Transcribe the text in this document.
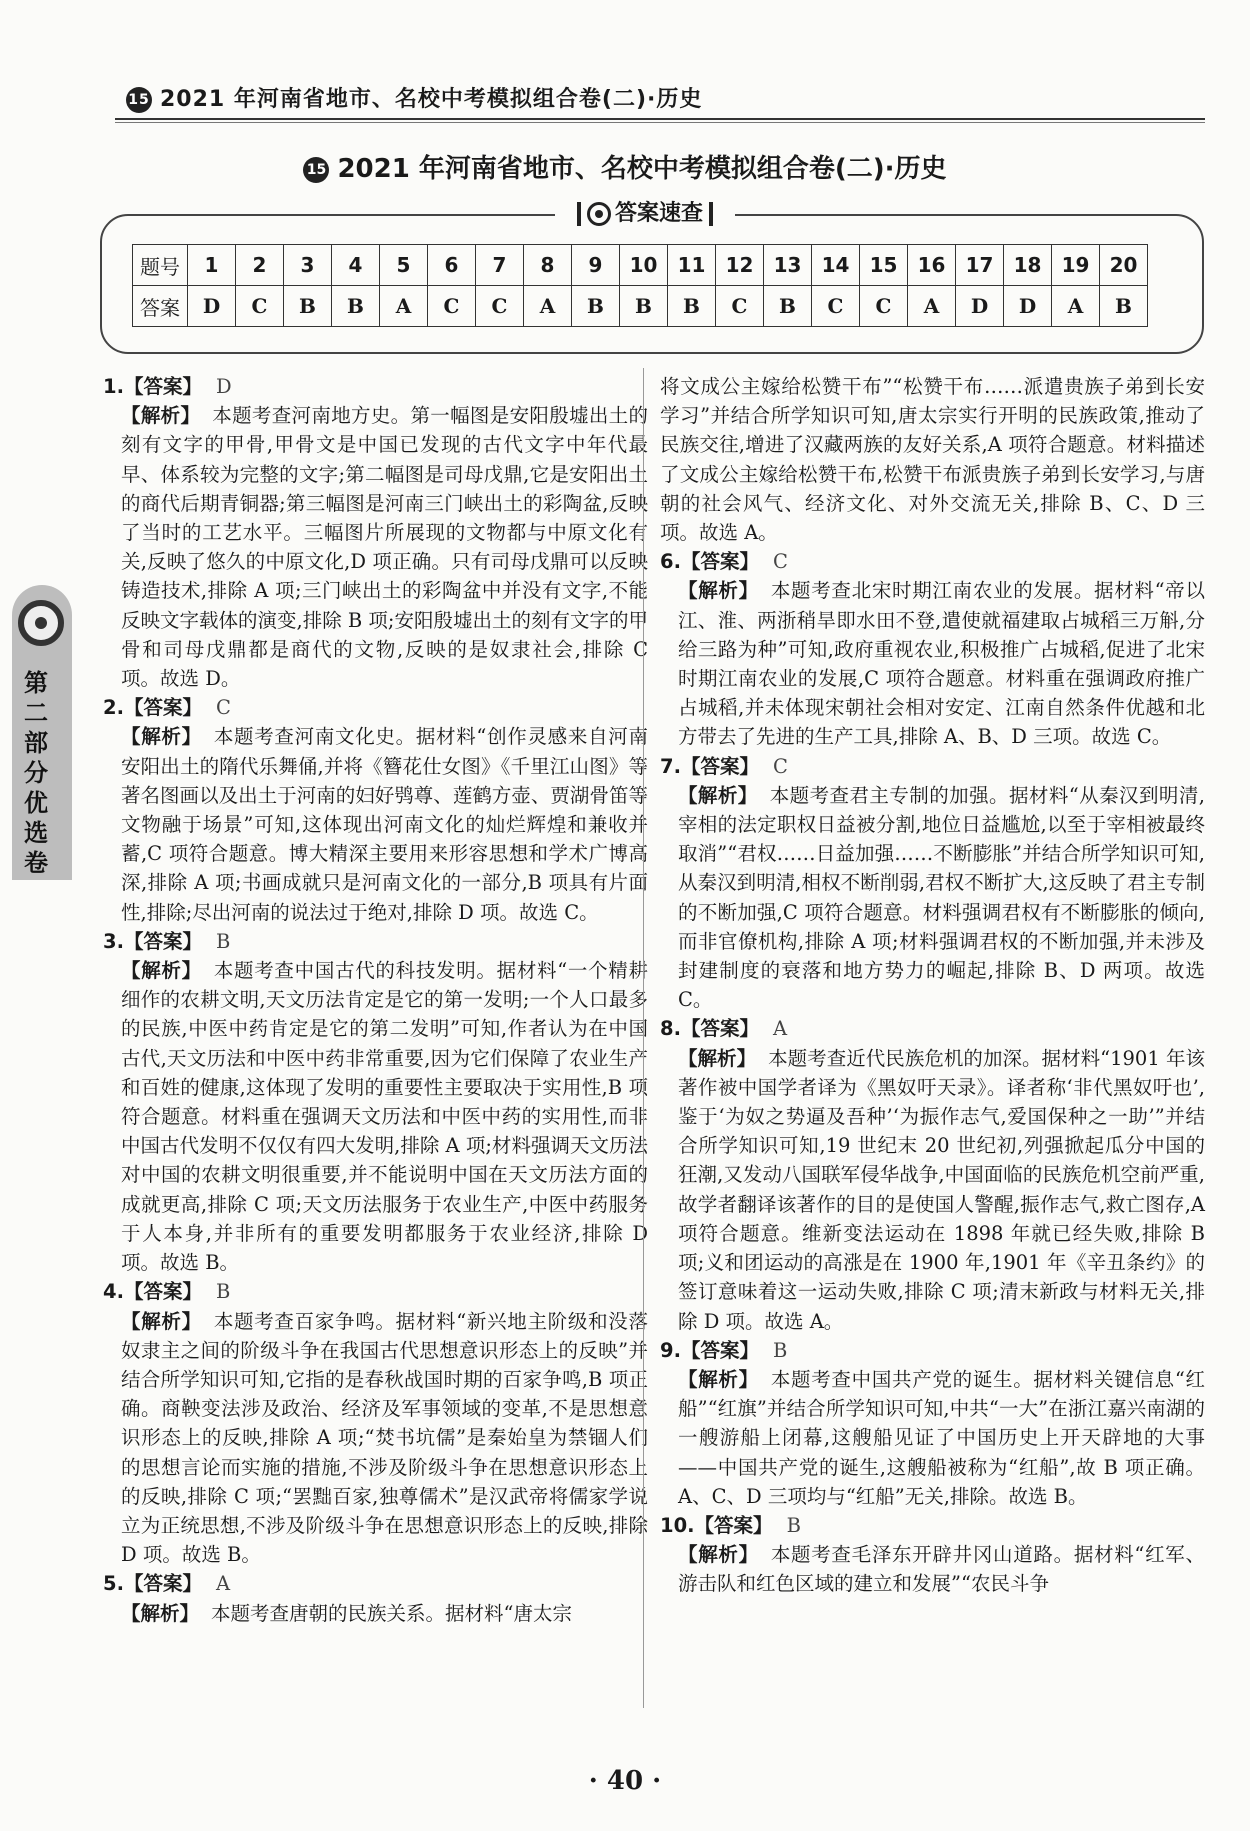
15 2021 年河南省地市、名校中考模拟组合卷(二)·历史
15 2021 年河南省地市、名校中考模拟组合卷(二)·历史
答案速查
题号	1	2	3	4	5	6	7	8	9	10	11	12	13	14	15	16	17	18	19	20
答案	D	C	B	B	A	C	C	A	B	B	B	C	B	C	C	A	D	D	A	B
第二部分 优选卷
1.【答案】 D

【解析】 本题考查河南地方史。第一幅图是安阳殷墟出土的刻有文字的甲骨,甲骨文是中国已发现的古代文字中年代最早、体系较为完整的文字;第二幅图是司母戊鼎,它是安阳出土的商代后期青铜器;第三幅图是河南三门峡出土的彩陶盆,反映了当时的工艺水平。三幅图片所展现的文物都与中原文化有关,反映了悠久的中原文化,D 项正确。只有司母戊鼎可以反映铸造技术,排除 A 项;三门峡出土的彩陶盆中并没有文字,不能反映文字载体的演变,排除 B 项;安阳殷墟出土的刻有文字的甲骨和司母戊鼎都是商代的文物,反映的是奴隶社会,排除 C 项。故选 D。

2.【答案】 C

【解析】 本题考查河南文化史。据材料“创作灵感来自河南安阳出土的隋代乐舞俑,并将《簪花仕女图》《千里江山图》等著名图画以及出土于河南的妇好鸮尊、莲鹤方壶、贾湖骨笛等文物融于场景”可知,这体现出河南文化的灿烂辉煌和兼收并蓄,C 项符合题意。博大精深主要用来形容思想和学术广博高深,排除 A 项;书画成就只是河南文化的一部分,B 项具有片面性,排除;尽出河南的说法过于绝对,排除 D 项。故选 C。

3.【答案】 B

【解析】 本题考查中国古代的科技发明。据材料“一个精耕细作的农耕文明,天文历法肯定是它的第一发明;一个人口最多的民族,中医中药肯定是它的第二发明”可知,作者认为在中国古代,天文历法和中医中药非常重要,因为它们保障了农业生产和百姓的健康,这体现了发明的重要性主要取决于实用性,B 项符合题意。材料重在强调天文历法和中医中药的实用性,而非中国古代发明不仅仅有四大发明,排除 A 项;材料强调天文历法对中国的农耕文明很重要,并不能说明中国在天文历法方面的成就更高,排除 C 项;天文历法服务于农业生产,中医中药服务于人本身,并非所有的重要发明都服务于农业经济,排除 D 项。故选 B。

4.【答案】 B

【解析】 本题考查百家争鸣。据材料“新兴地主阶级和没落奴隶主之间的阶级斗争在我国古代思想意识形态上的反映”并结合所学知识可知,它指的是春秋战国时期的百家争鸣,B 项正确。商鞅变法涉及政治、经济及军事领域的变革,不是思想意识形态上的反映,排除 A 项;“焚书坑儒”是秦始皇为禁锢人们的思想言论而实施的措施,不涉及阶级斗争在思想意识形态上的反映,排除 C 项;“罢黜百家,独尊儒术”是汉武帝将儒家学说立为正统思想,不涉及阶级斗争在思想意识形态上的反映,排除 D 项。故选 B。

5.【答案】 A

【解析】 本题考查唐朝的民族关系。据材料“唐太宗

将文成公主嫁给松赞干布”“松赞干布……派遣贵族子弟到长安学习”并结合所学知识可知,唐太宗实行开明的民族政策,推动了民族交往,增进了汉藏两族的友好关系,A 项符合题意。材料描述了文成公主嫁给松赞干布,松赞干布派贵族子弟到长安学习,与唐朝的社会风气、经济文化、对外交流无关,排除 B、C、D 三项。故选 A。

6.【答案】 C

【解析】 本题考查北宋时期江南农业的发展。据材料“帝以江、淮、两浙稍旱即水田不登,遣使就福建取占城稻三万斛,分给三路为种”可知,政府重视农业,积极推广占城稻,促进了北宋时期江南农业的发展,C 项符合题意。材料重在强调政府推广占城稻,并未体现宋朝社会相对安定、江南自然条件优越和北方带去了先进的生产工具,排除 A、B、D 三项。故选 C。

7.【答案】 C

【解析】 本题考查君主专制的加强。据材料“从秦汉到明清,宰相的法定职权日益被分割,地位日益尴尬,以至于宰相被最终取消”“君权……日益加强……不断膨胀”并结合所学知识可知,从秦汉到明清,相权不断削弱,君权不断扩大,这反映了君主专制的不断加强,C 项符合题意。材料强调君权有不断膨胀的倾向,而非官僚机构,排除 A 项;材料强调君权的不断加强,并未涉及封建制度的衰落和地方势力的崛起,排除 B、D 两项。故选 C。

8.【答案】 A

【解析】 本题考查近代民族危机的加深。据材料“1901 年该著作被中国学者译为《黑奴吁天录》。译者称‘非代黑奴吁也’,鉴于‘为奴之势逼及吾种’‘为振作志气,爱国保种之一助’”并结合所学知识可知,19 世纪末 20 世纪初,列强掀起瓜分中国的狂潮,又发动八国联军侵华战争,中国面临的民族危机空前严重,故学者翻译该著作的目的是使国人警醒,振作志气,救亡图存,A 项符合题意。维新变法运动在 1898 年就已经失败,排除 B 项;义和团运动的高涨是在 1900 年,1901 年《辛丑条约》的签订意味着这一运动失败,排除 C 项;清末新政与材料无关,排除 D 项。故选 A。

9.【答案】 B

【解析】 本题考查中国共产党的诞生。据材料关键信息“红船”“红旗”并结合所学知识可知,中共“一大”在浙江嘉兴南湖的一艘游船上闭幕,这艘船见证了中国历史上开天辟地的大事——中国共产党的诞生,这艘船被称为“红船”,故 B 项正确。A、C、D 三项均与“红船”无关,排除。故选 B。

10.【答案】 B

【解析】 本题考查毛泽东开辟井冈山道路。据材料“红军、游击队和红色区域的建立和发展”“农民斗争

· 40 ·
